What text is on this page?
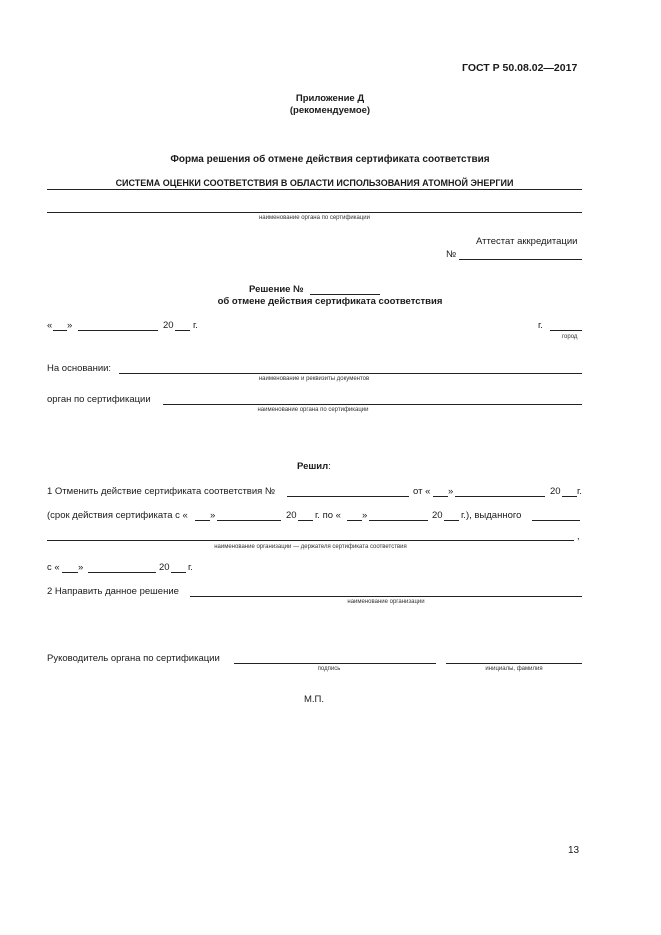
ГОСТ Р 50.08.02—2017
Приложение Д
(рекомендуемое)
Форма решения об отмене действия сертификата соответствия
СИСТЕМА ОЦЕНКИ СООТВЕТСТВИЯ В ОБЛАСТИ ИСПОЛЬЗОВАНИЯ АТОМНОЙ ЭНЕРГИИ
наименование органа по сертификации
Аттестат аккредитации
№
Решение №
об отмене действия сертификата соответствия
« »	20 г.	г.
город
На основании:
наименование и реквизиты документов
орган по сертификации
наименование органа по сертификации
Решил:
1 Отменить действие сертификата соответствия №	от « »	20 г.
(срок действия сертификата с « »	20 г. по « »	20 г.), выданного
,
наименование организации — держателя сертификата соответствия
с « »	20 г.
2 Направить данное решение
наименование организации
Руководитель органа по сертификации
подпись	инициалы, фамилия
М.П.
13
